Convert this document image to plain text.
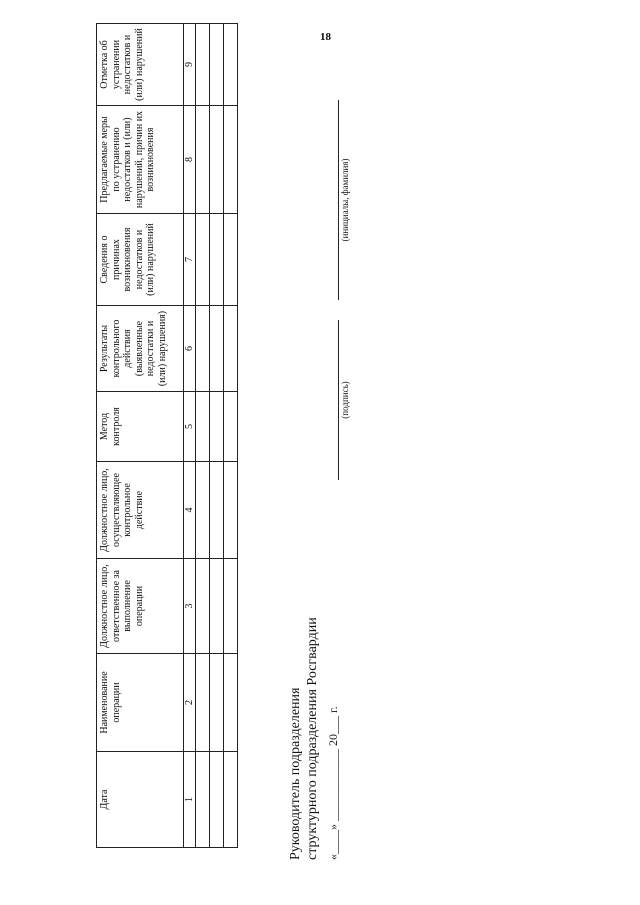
18
Дата	Наименование операции	Должностное лицо, ответственное за выполнение операции	Должностное лицо, осуществляющее контрольное действие	Метод контроля	Результаты контрольного действия (выявленные недостатки и (или) нарушения)	Сведения о причинах возникновения недостатков и (или) нарушений	Предлагаемые меры по устранению недостатков и (или) нарушений, причин их возникновения	Отметка об устранении недостатков и (или) нарушений
1	2	3	4	5	6	7	8	9

Руководитель подразделения структурного подразделения Росгвардии «____» ____________ 20___ г.
(подпись)
(инициалы, фамилия)
